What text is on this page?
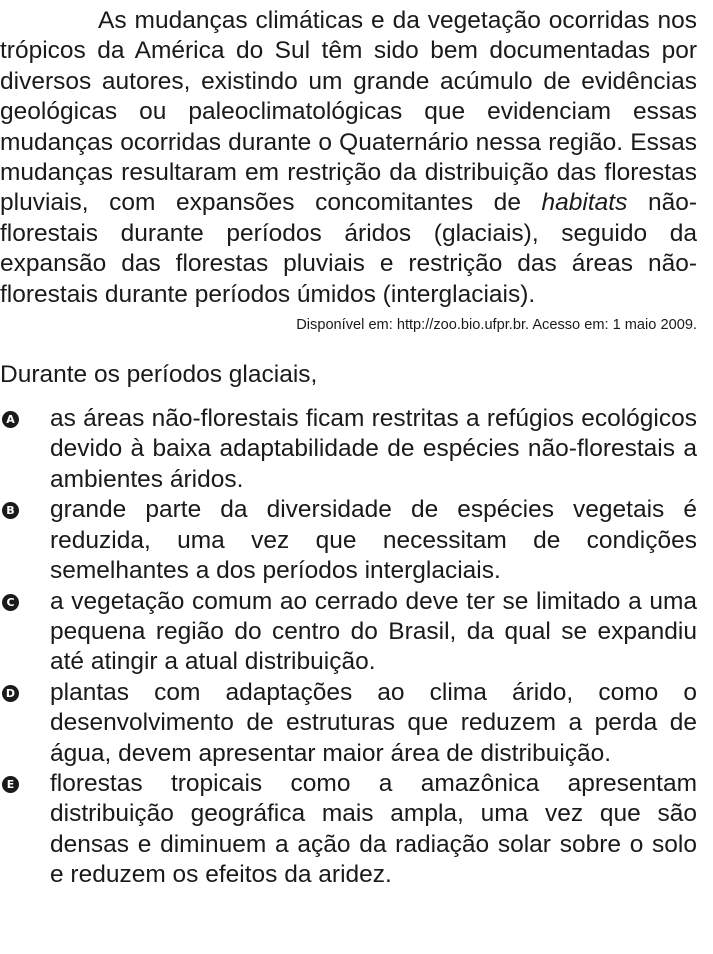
As mudanças climáticas e da vegetação ocorridas nos trópicos da América do Sul têm sido bem documentadas por diversos autores, existindo um grande acúmulo de evidências geológicas ou paleoclimatológicas que evidenciam essas mudanças ocorridas durante o Quaternário nessa região. Essas mudanças resultaram em restrição da distribuição das florestas pluviais, com expansões concomitantes de habitats não-florestais durante períodos áridos (glaciais), seguido da expansão das florestas pluviais e restrição das áreas não-florestais durante períodos úmidos (interglaciais).

Disponível em: http://zoo.bio.ufpr.br. Acesso em: 1 maio 2009.

Durante os períodos glaciais,

A as áreas não-florestais ficam restritas a refúgios ecológicos devido à baixa adaptabilidade de espécies não-florestais a ambientes áridos.
B grande parte da diversidade de espécies vegetais é reduzida, uma vez que necessitam de condições semelhantes a dos períodos interglaciais.
C a vegetação comum ao cerrado deve ter se limitado a uma pequena região do centro do Brasil, da qual se expandiu até atingir a atual distribuição.
D plantas com adaptações ao clima árido, como o desenvolvimento de estruturas que reduzem a perda de água, devem apresentar maior área de distribuição.
E florestas tropicais como a amazônica apresentam distribuição geográfica mais ampla, uma vez que são densas e diminuem a ação da radiação solar sobre o solo e reduzem os efeitos da aridez.
